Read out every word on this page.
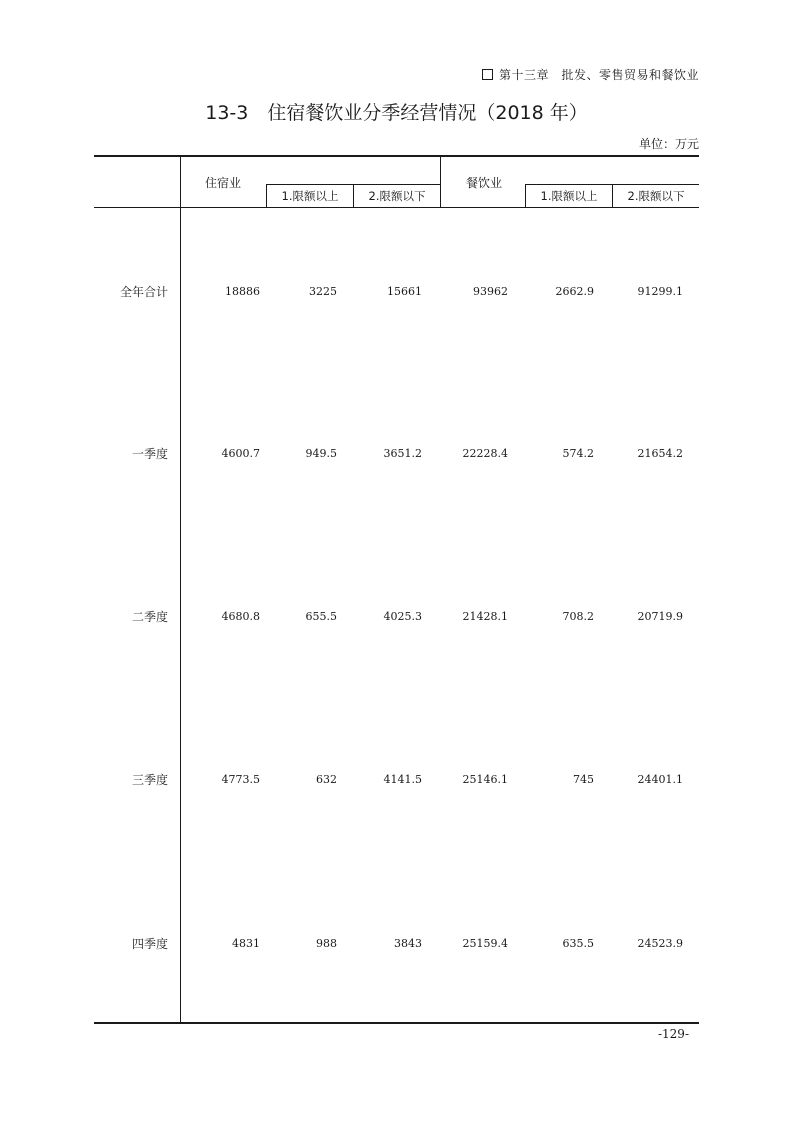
第十三章　批发、零售贸易和餐饮业
13-3　住宿餐饮业分季经营情况（2018 年）
单位：万元
住宿业	餐饮业
1.限额以上	2.限额以下	1.限额以上	2.限额以下
全年合计	18886	3225	15661	93962	2662.9	91299.1
一季度	4600.7	949.5	3651.2	22228.4	574.2	21654.2
二季度	4680.8	655.5	4025.3	21428.1	708.2	20719.9
三季度	4773.5	632	4141.5	25146.1	745	24401.1
四季度	4831	988	3843	25159.4	635.5	24523.9
-129-
